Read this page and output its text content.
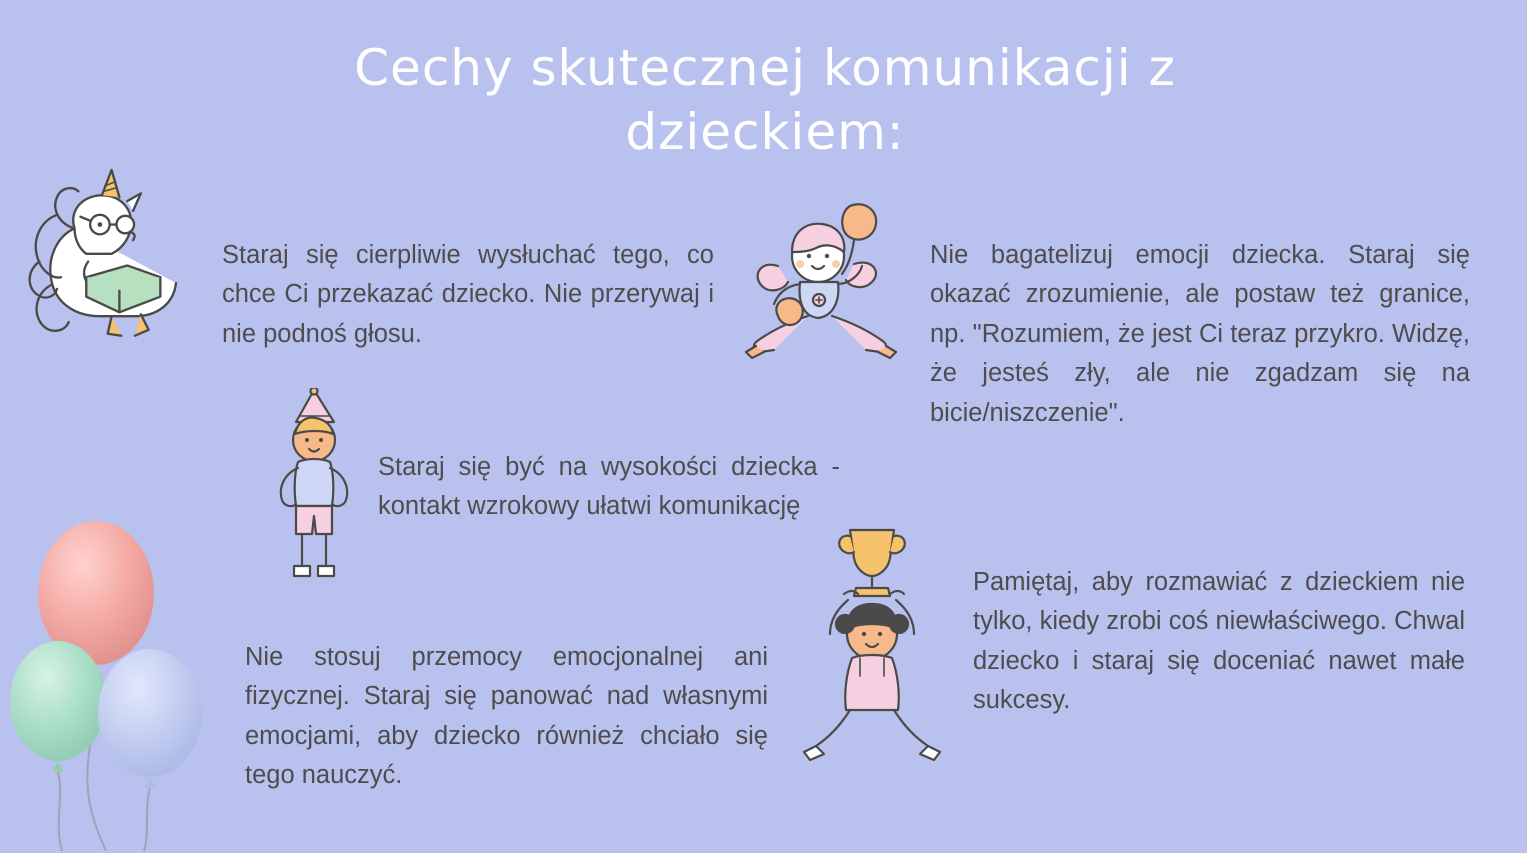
Cechy skutecznej komunikacji z dzieckiem:

Staraj się cierpliwie wysłuchać tego, co chce Ci przekazać dziecko. Nie przerywaj i nie podnoś głosu.

Nie bagatelizuj emocji dziecka. Staraj się okazać zrozumienie, ale postaw też granice, np. "Rozumiem, że jest Ci teraz przykro. Widzę, że jesteś zły, ale nie zgadzam się na bicie/niszczenie".

Staraj się być na wysokości dziecka - kontakt wzrokowy ułatwi komunikację

Nie stosuj przemocy emocjonalnej ani fizycznej. Staraj się panować nad własnymi emocjami, aby dziecko również chciało się tego nauczyć.

Pamiętaj, aby rozmawiać z dzieckiem nie tylko, kiedy zrobi coś niewłaściwego. Chwal dziecko i staraj się doceniać nawet małe sukcesy.
